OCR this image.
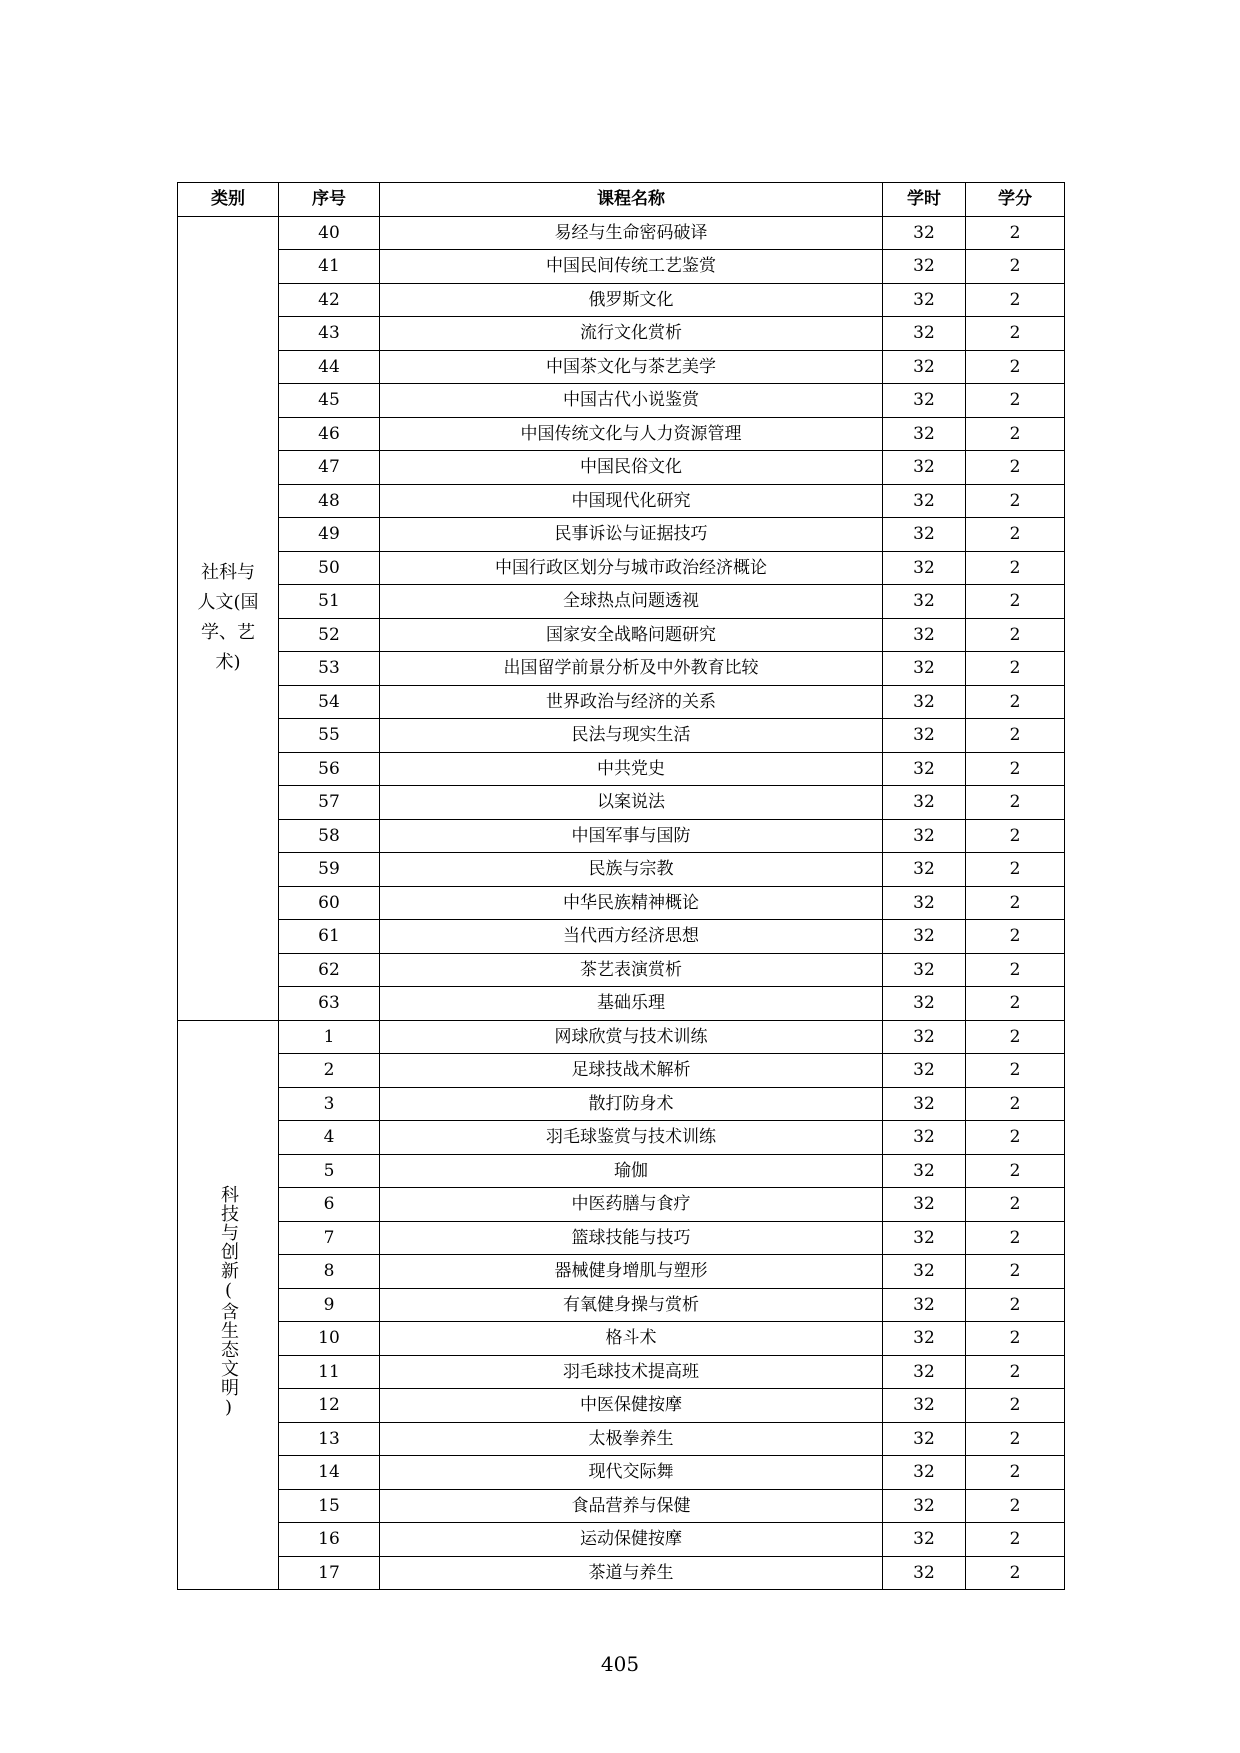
类别	序号	课程名称	学时	学分
社科与人文(国学、艺术)	40	易经与生命密码破译	32	2
	41	中国民间传统工艺鉴赏	32	2
	42	俄罗斯文化	32	2
	43	流行文化赏析	32	2
	44	中国茶文化与茶艺美学	32	2
	45	中国古代小说鉴赏	32	2
	46	中国传统文化与人力资源管理	32	2
	47	中国民俗文化	32	2
	48	中国现代化研究	32	2
	49	民事诉讼与证据技巧	32	2
	50	中国行政区划分与城市政治经济概论	32	2
	51	全球热点问题透视	32	2
	52	国家安全战略问题研究	32	2
	53	出国留学前景分析及中外教育比较	32	2
	54	世界政治与经济的关系	32	2
	55	民法与现实生活	32	2
	56	中共党史	32	2
	57	以案说法	32	2
	58	中国军事与国防	32	2
	59	民族与宗教	32	2
	60	中华民族精神概论	32	2
	61	当代西方经济思想	32	2
	62	茶艺表演赏析	32	2
	63	基础乐理	32	2
科技与创新(含生态文明)	1	网球欣赏与技术训练	32	2
	2	足球技战术解析	32	2
	3	散打防身术	32	2
	4	羽毛球鉴赏与技术训练	32	2
	5	瑜伽	32	2
	6	中医药膳与食疗	32	2
	7	篮球技能与技巧	32	2
	8	器械健身增肌与塑形	32	2
	9	有氧健身操与赏析	32	2
	10	格斗术	32	2
	11	羽毛球技术提高班	32	2
	12	中医保健按摩	32	2
	13	太极拳养生	32	2
	14	现代交际舞	32	2
	15	食品营养与保健	32	2
	16	运动保健按摩	32	2
	17	茶道与养生	32	2
405
